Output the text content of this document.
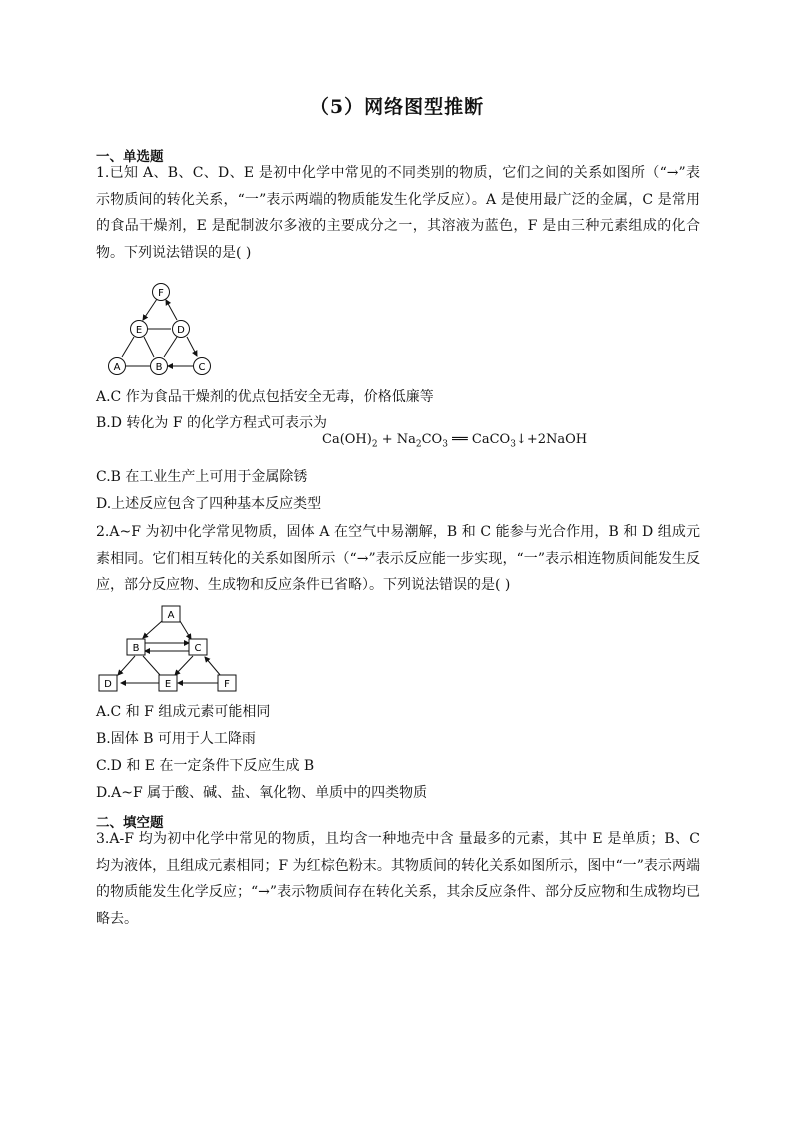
（5）网络图型推断
一、单选题
1.已知 A、B、C、D、E 是初中化学中常见的不同类别的物质，它们之间的关系如图所（“→”表示物质间的转化关系，“一”表示两端的物质能发生化学反应）。A 是使用最广泛的金属，C 是常用的食品干燥剂，E 是配制波尔多液的主要成分之一，其溶液为蓝色，F 是由三种元素组成的化合物。下列说法错误的是( )
F
E	D
A	B	C
A.C 作为食品干燥剂的优点包括安全无毒，价格低廉等
B.D 转化为 F 的化学方程式可表示为
$Ca(OH)_2 + Na_2CO_3$ ══ CaCO$_3$↓+2NaOH
C.B 在工业生产上可用于金属除锈
D.上述反应包含了四种基本反应类型
2.A~F 为初中化学常见物质，固体 A 在空气中易潮解，B 和 C 能参与光合作用，B 和 D 组成元素相同。它们相互转化的关系如图所示（“→”表示反应能一步实现，“一”表示相连物质间能发生反应，部分反应物、生成物和反应条件已省略）。下列说法错误的是( )
A
B	C
D	E	F
A.C 和 F 组成元素可能相同
B.固体 B 可用于人工降雨
C.D 和 E 在一定条件下反应生成 B
D.A~F 属于酸、碱、盐、氧化物、单质中的四类物质
二、填空题
3.A-F 均为初中化学中常见的物质，且均含一种地壳中含 量最多的元素，其中 E 是单质；B、C 均为液体，且组成元素相同；F 为红棕色粉末。其物质间的转化关系如图所示，图中“一”表示两端的物质能发生化学反应；“→”表示物质间存在转化关系，其余反应条件、部分反应物和生成物均已略去。
